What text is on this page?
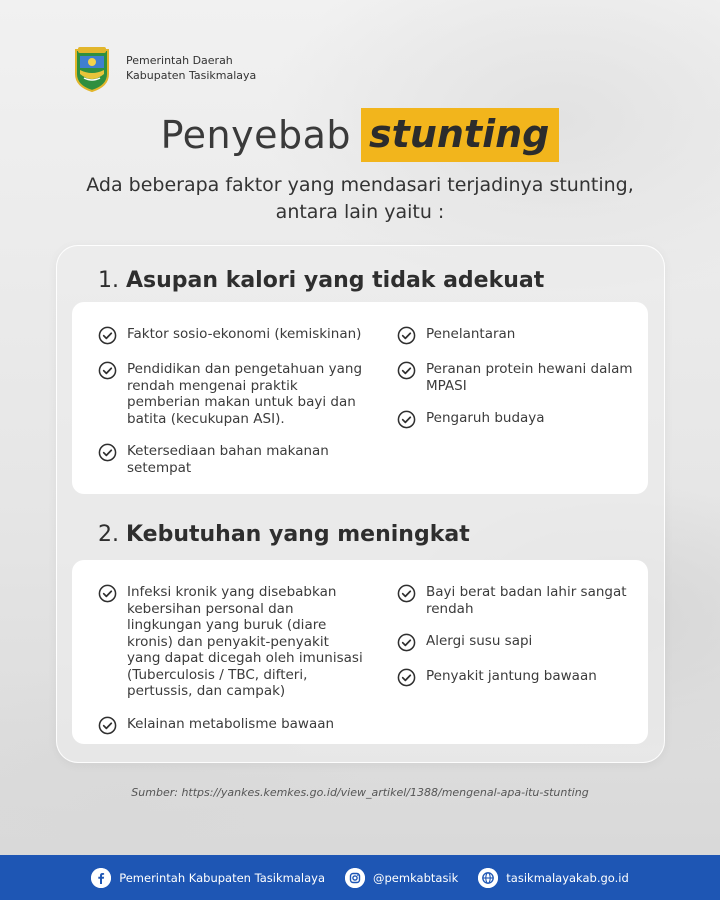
Pemerintah Daerah
Kabupaten Tasikmalaya
Penyebab stunting
Ada beberapa faktor yang mendasari terjadinya stunting, antara lain yaitu :
1. Asupan kalori yang tidak adekuat
Faktor sosio-ekonomi (kemiskinan)
Pendidikan dan pengetahuan yang rendah mengenai praktik pemberian makan untuk bayi dan batita (kecukupan ASI).
Ketersediaan bahan makanan setempat
Penelantaran
Peranan protein hewani dalam MPASI
Pengaruh budaya
2. Kebutuhan yang meningkat
Infeksi kronik yang disebabkan kebersihan personal dan lingkungan yang buruk (diare kronis) dan penyakit-penyakit yang dapat dicegah oleh imunisasi (Tuberculosis / TBC, difteri, pertussis, dan campak)
Kelainan metabolisme bawaan
Bayi berat badan lahir sangat rendah
Alergi susu sapi
Penyakit jantung bawaan
Sumber: https://yankes.kemkes.go.id/view_artikel/1388/mengenal-apa-itu-stunting
Pemerintah Kabupaten Tasikmalaya	@pemkabtasik	tasikmalayakab.go.id
